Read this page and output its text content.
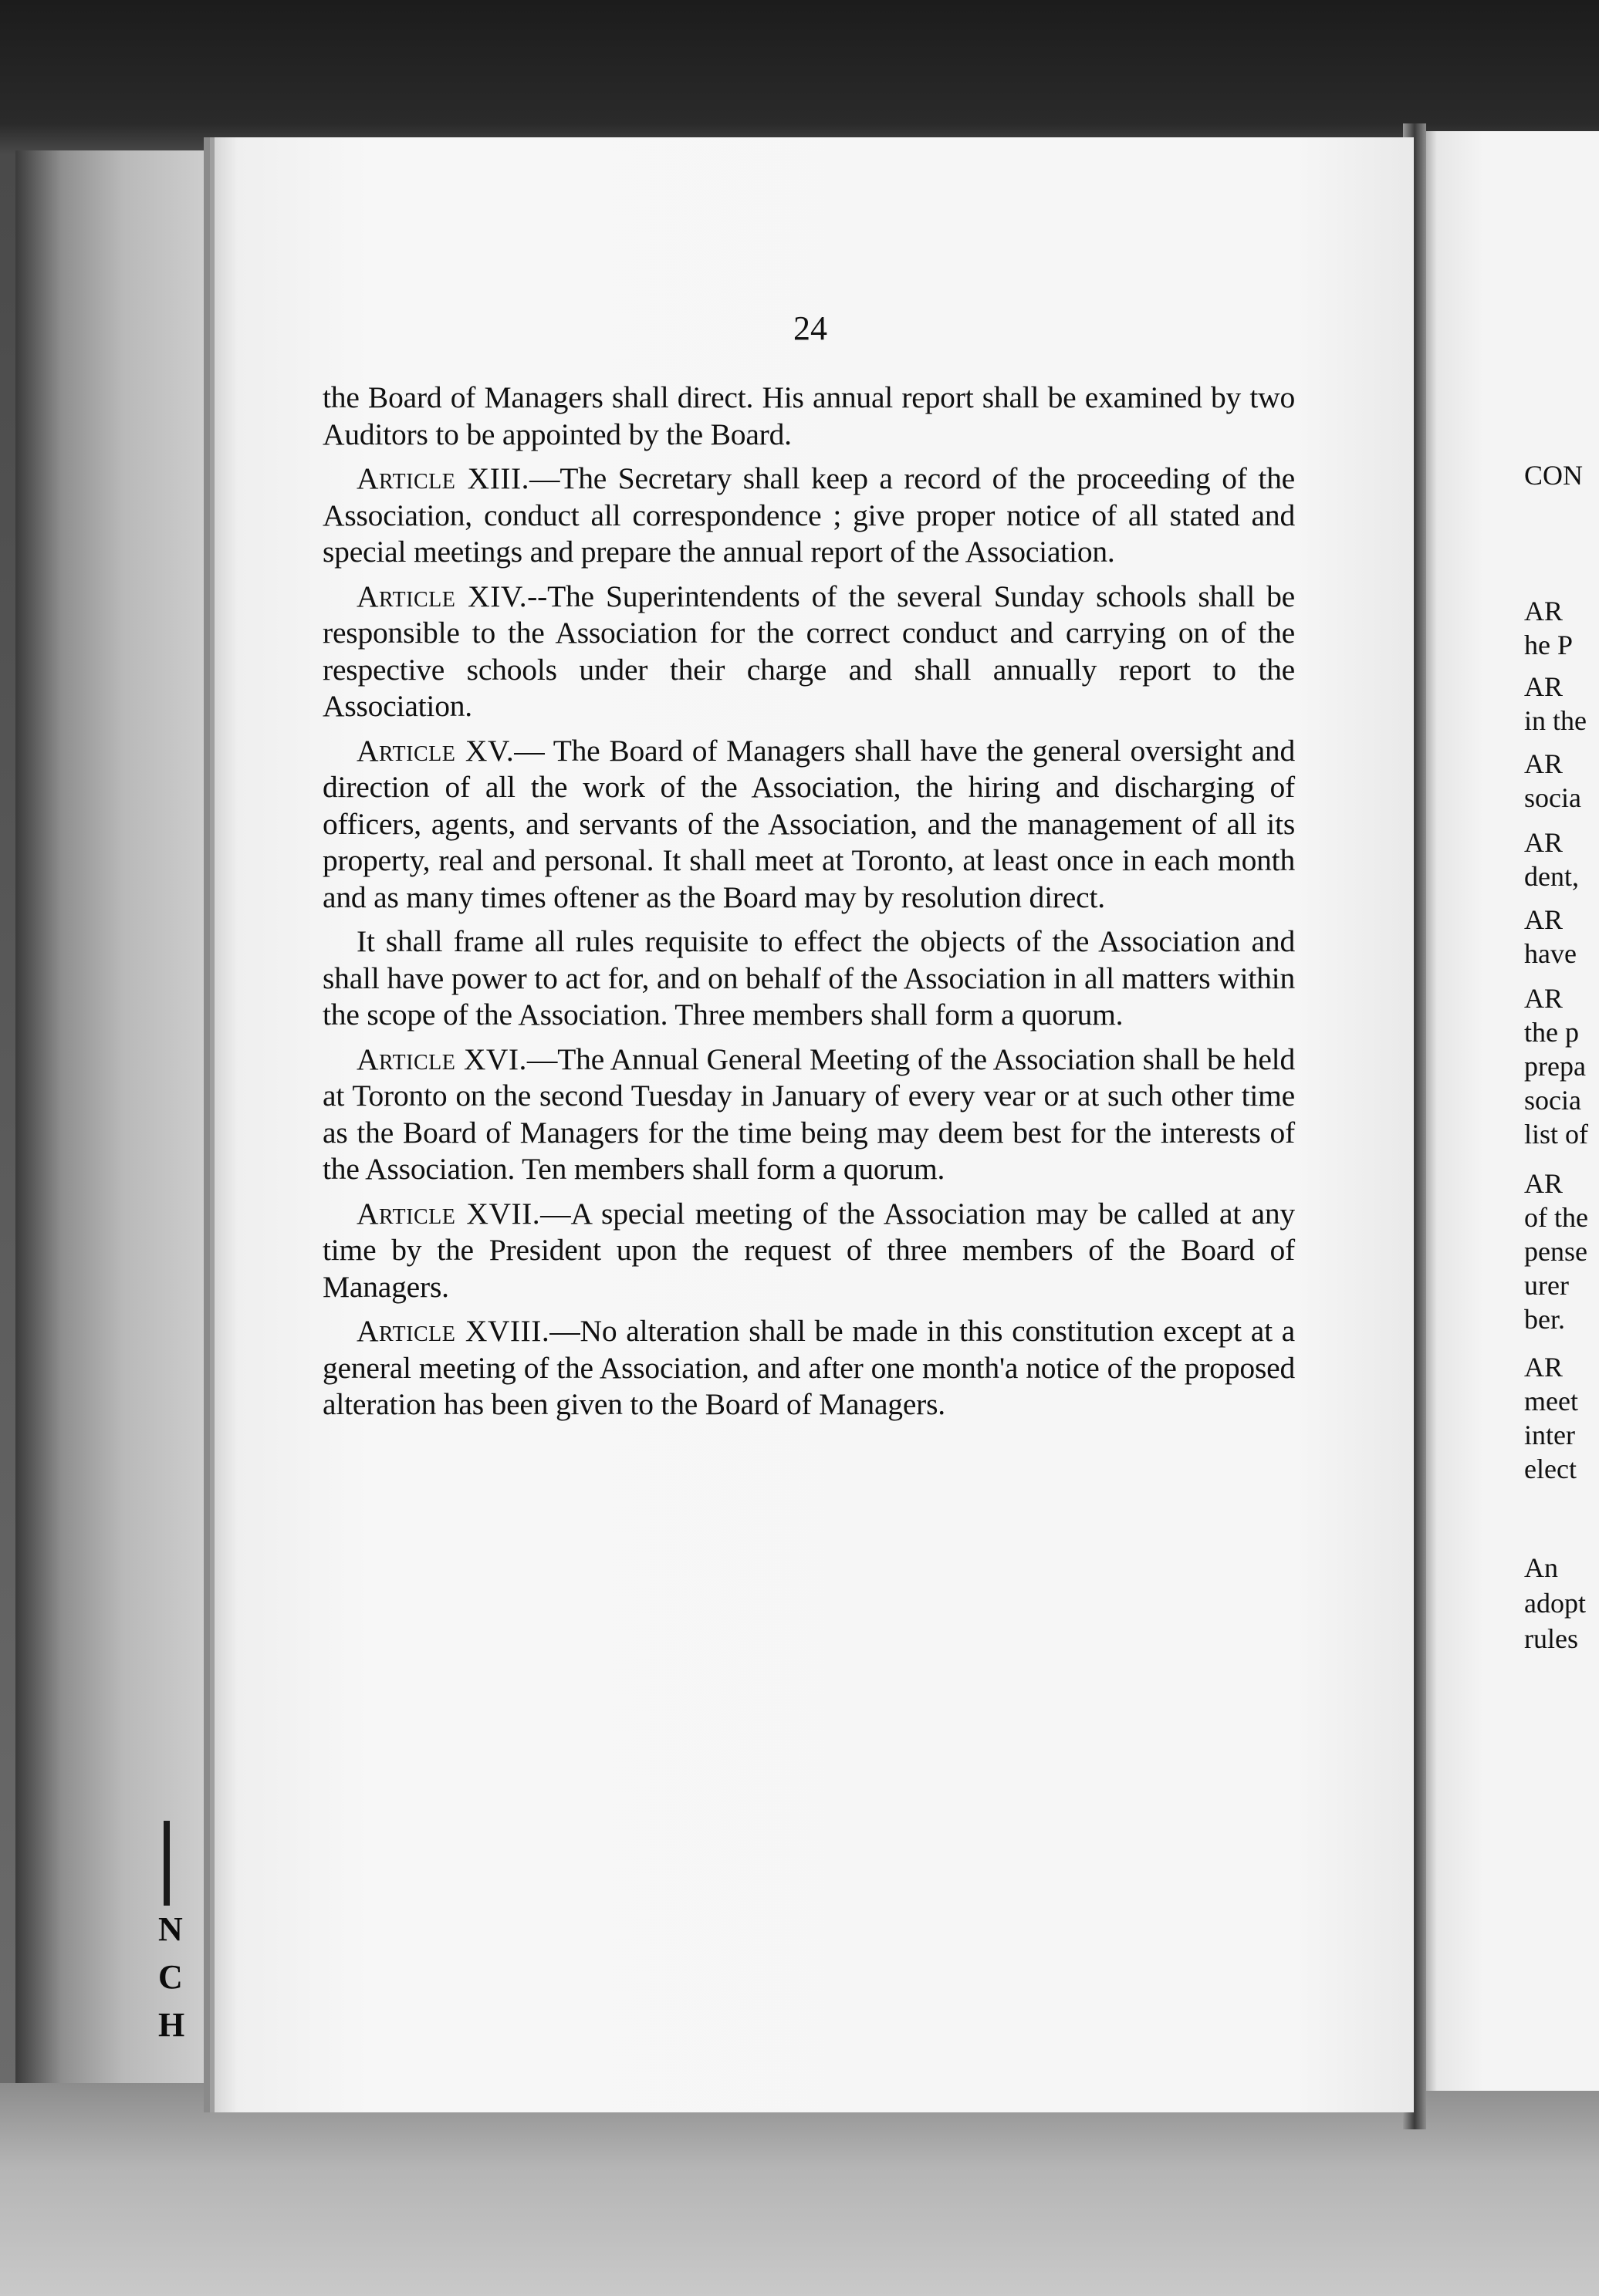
N
C
H
24

the Board of Managers shall direct. His annual report shall be examined by two Auditors to be appointed by the Board.

Article XIII.—The Secretary shall keep a record of the proceeding of the Association, conduct all correspondence ; give proper notice of all stated and special meetings and prepare the annual report of the Association.

Article XIV.--The Superintendents of the several Sunday schools shall be responsible to the Association for the correct conduct and carrying on of the respective schools under their charge and shall annually report to the Association.

Article XV.— The Board of Managers shall have the general oversight and direction of all the work of the Association, the hiring and discharging of officers, agents, and servants of the Association, and the management of all its property, real and personal. It shall meet at Toronto, at least once in each month and as many times oftener as the Board may by resolution direct.

It shall frame all rules requisite to effect the objects of the Association and shall have power to act for, and on behalf of the Association in all matters within the scope of the Association. Three members shall form a quorum.

Article XVI.—The Annual General Meeting of the Association shall be held at Toronto on the second Tuesday in January of every vear or at such other time as the Board of Managers for the time being may deem best for the interests of the Association. Ten members shall form a quorum.

Article XVII.—A special meeting of the Association may be called at any time by the President upon the request of three members of the Board of Managers.

Article XVIII.—No alteration shall be made in this constitution except at a general meeting of the Association, and after one month'a notice of the proposed alteration has been given to the Board of Managers.

CON
AR
he P
AR
in the
AR
socia
AR
dent,
AR
have
AR
the p
prepa
socia
list of
AR
of the
pense
urer
ber.
AR
meet
inter
elect
An
adopt
rules
